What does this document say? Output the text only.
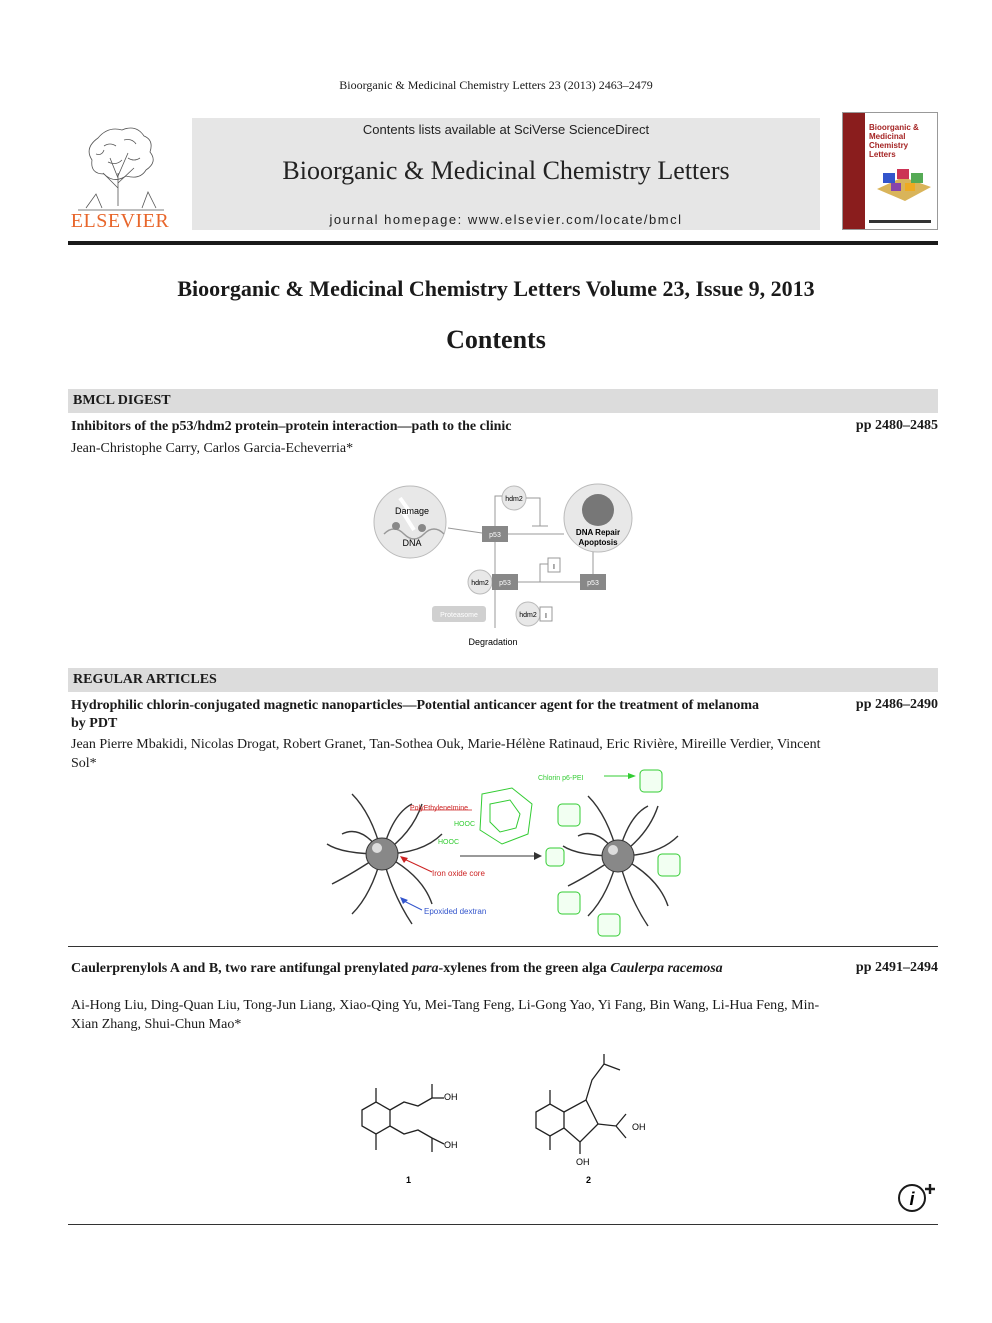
Bioorganic & Medicinal Chemistry Letters 23 (2013) 2463–2479
ELSEVIER
Contents lists available at SciVerse ScienceDirect
Bioorganic & Medicinal Chemistry Letters
journal homepage: www.elsevier.com/locate/bmcl
Bioorganic & Medicinal Chemistry Letters
Bioorganic & Medicinal Chemistry Letters Volume 23, Issue 9, 2013
Contents
BMCL DIGEST
Inhibitors of the p53/hdm2 protein–protein interaction—path to the clinic	pp 2480–2485
Jean-Christophe Carry, Carlos Garcia-Echeverria*
Damage
DNA
p53
hdm2
DNA Repair
Apoptosis
hdm2 p53
I
p53
Proteasome	hdm2 I
Degradation
REGULAR ARTICLES
Hydrophilic chlorin-conjugated magnetic nanoparticles—Potential anticancer agent for the treatment of melanoma by PDT
pp 2486–2490
Jean Pierre Mbakidi, Nicolas Drogat, Robert Granet, Tan-Sothea Ouk, Marie-Hélène Ratinaud, Eric Rivière, Mireille Verdier, Vincent Sol*
PolyEthyleneImine
HOOC
HOOC
Iron oxide core
Epoxided dextran
Chlorin p6-PEI
Caulerprenylols A and B, two rare antifungal prenylated para-xylenes from the green alga Caulerpa racemosa	pp 2491–2494
Ai-Hong Liu, Ding-Quan Liu, Tong-Jun Liang, Xiao-Qing Yu, Mei-Tang Feng, Li-Gong Yao, Yi Fang, Bin Wang, Li-Hua Feng, Min-Xian Zhang, Shui-Chun Mao*
OH
OH
1
OH
OH
2
i
